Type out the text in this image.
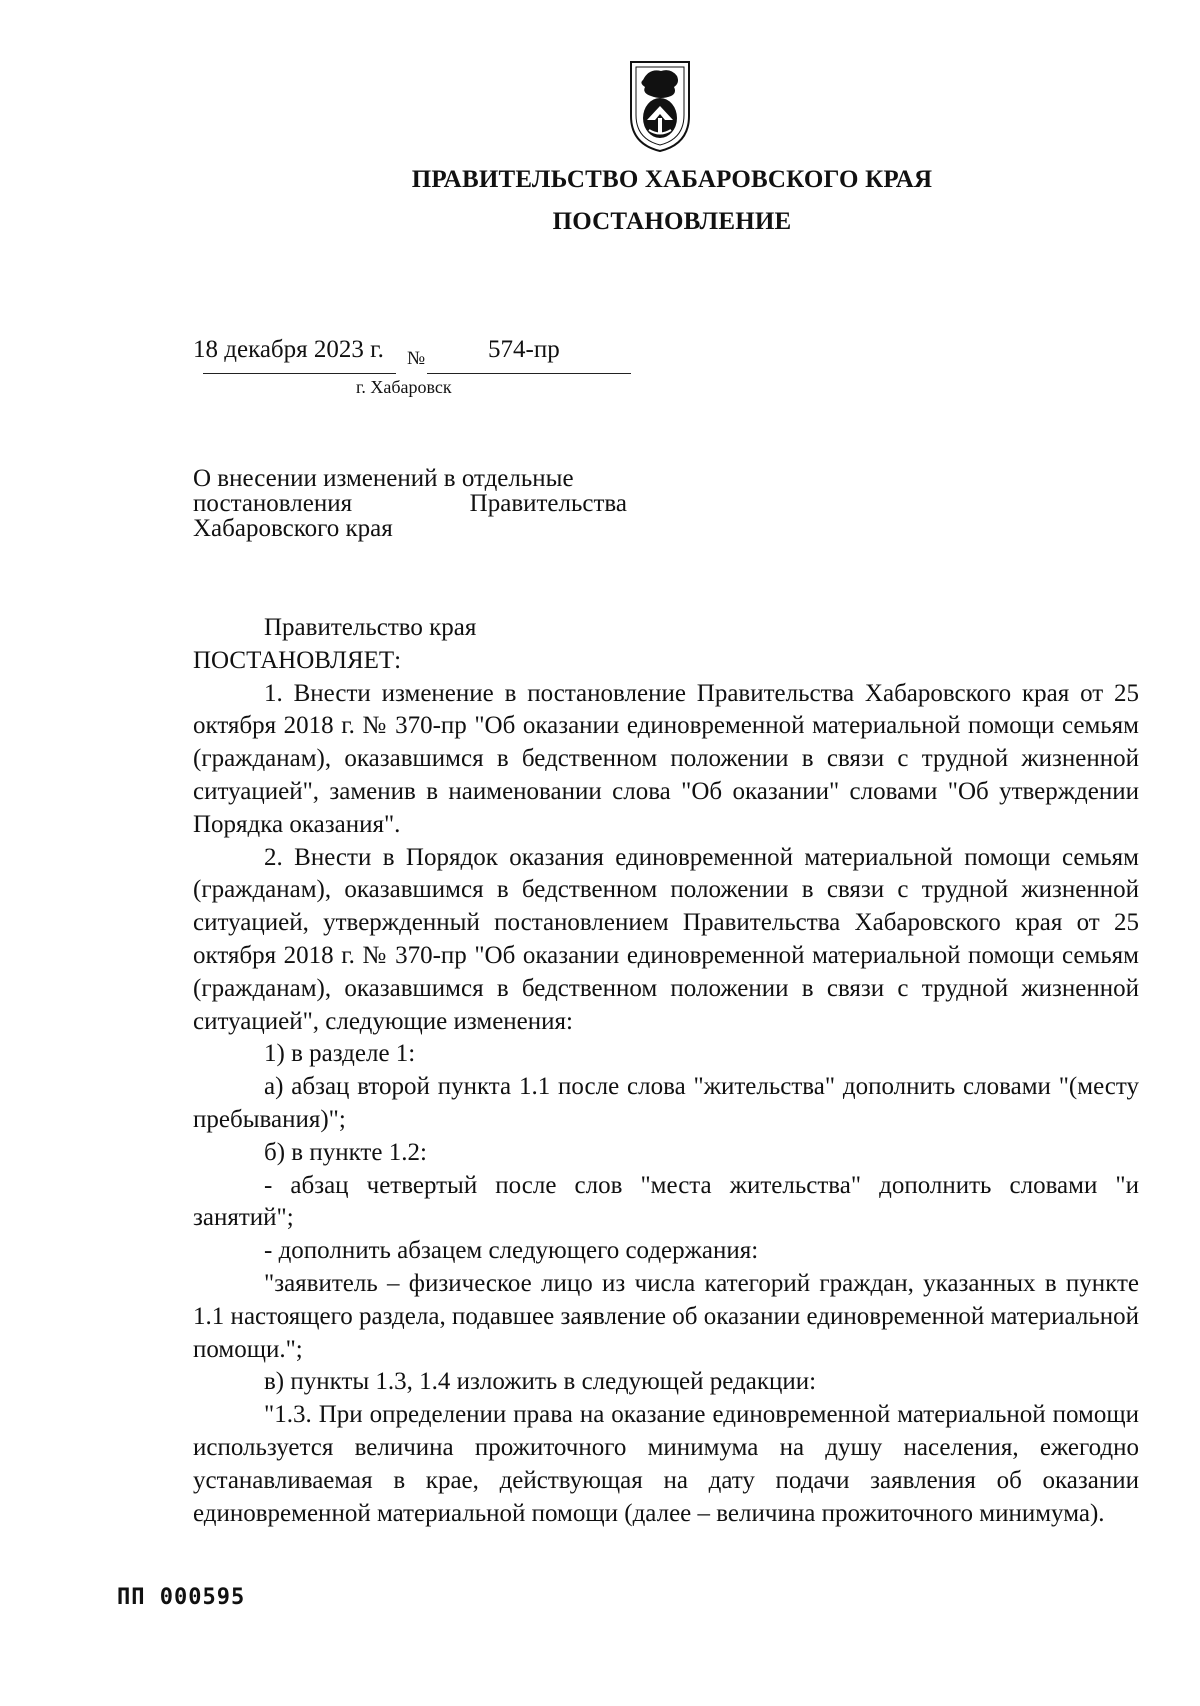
ПРАВИТЕЛЬСТВО ХАБАРОВСКОГО КРАЯ
ПОСТАНОВЛЕНИЕ
18 декабря 2023 г. №	574-пр
г. Хабаровск
О внесении изменений в отдельные
постановления	Правительства
Хабаровского края

Правительство края

ПОСТАНОВЛЯЕТ:

1. Внести изменение в постановление Правительства Хабаровского края от 25 октября 2018 г. № 370-пр "Об оказании единовременной материальной помощи семьям (гражданам), оказавшимся в бедственном положении в связи с трудной жизненной ситуацией", заменив в наименовании слова "Об оказании" словами "Об утверждении Порядка оказания".

2. Внести в Порядок оказания единовременной материальной помощи семьям (гражданам), оказавшимся в бедственном положении в связи с трудной жизненной ситуацией, утвержденный постановлением Правительства Хабаровского края от 25 октября 2018 г. № 370-пр "Об оказании единовременной материальной помощи семьям (гражданам), оказавшимся в бедственном положении в связи с трудной жизненной ситуацией", следующие изменения:

1) в разделе 1:

а) абзац второй пункта 1.1 после слова "жительства" дополнить словами "(месту пребывания)";

б) в пункте 1.2:

- абзац четвертый после слов "места жительства" дополнить словами "и занятий";

- дополнить абзацем следующего содержания:

"заявитель – физическое лицо из числа категорий граждан, указанных в пункте 1.1 настоящего раздела, подавшее заявление об оказании единовременной материальной помощи.";

в) пункты 1.3, 1.4 изложить в следующей редакции:

"1.3. При определении права на оказание единовременной материальной помощи используется величина прожиточного минимума на душу населения, ежегодно устанавливаемая в крае, действующая на дату подачи заявления об оказании единовременной материальной помощи (далее – величина прожиточного минимума).

ПП 000595
